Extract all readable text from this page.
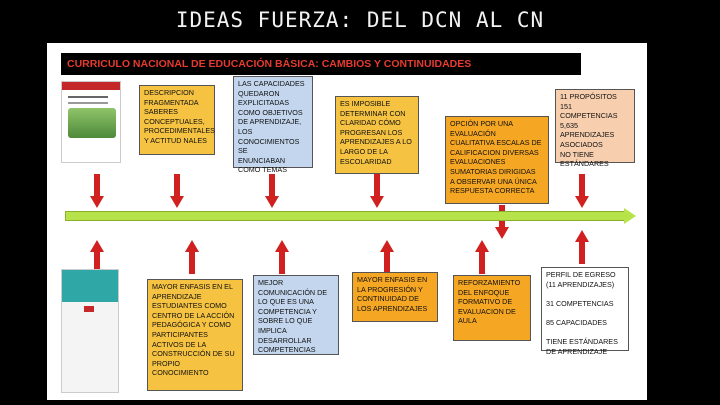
IDEAS FUERZA: DEL DCN AL CN
CURRICULO NACIONAL DE EDUCACIÓN BÁSICA: CAMBIOS Y CONTINUIDADES
DESCRIPCION
FRAGMENTADA
SABERES
CONCEPTUALES,
PROCEDIMENTALES
Y ACTITUD NALES
LAS CAPACIDADES
QUEDARON
EXPLICITADAS
COMO OBJETIVOS
DE APRENDIZAJE,
LOS
CONOCIMIENTOS SE
ENUNCIABAN
COMO TEMAS
ES IMPOSIBLE
DETERMINAR CON
CLARIDAD CÓMO
PROGRESAN LOS
APRENDIZAJES A LO
LARGO DE LA
ESCOLARIDAD
OPCIÓN POR UNA
EVALUACIÓN
CUALITATIVA ESCALAS DE
CALIFICACION DIVERSAS
EVALUACIONES
SUMATORIAS DIRIGIDAS
A OBSERVAR UNA ÚNICA
RESPUESTA CORRECTA
11 PROPÓSITOS
151 COMPETENCIAS
5,635
APRENDIZAJES
ASOCIADOS
NO TIENE
ESTÁNDARES
MAYOR ENFASIS EN EL
APRENDIZAJE
ESTUDIANTES COMO
CENTRO DE LA ACCIÓN
PEDAGÓGICA Y COMO
PARTICIPANTES
ACTIVOS DE LA
CONSTRUCCIÓN DE SU
PROPIO
CONOCIMIENTO
MEJOR
COMUNICACIÓN DE
LO QUE ES UNA
COMPETENCIA Y
SOBRE LO QUE
IMPLICA
DESARROLLAR
COMPETENCIAS
MAYOR ENFASIS EN
LA PROGRESIÓN Y
CONTINUIDAD DE
LOS APRENDIZAJES
REFORZAMIENTO
DEL ENFOQUE
FORMATIVO DE
EVALUACION DE
AULA
PERFIL DE EGRESO
(11 APRENDIZAJES)

31 COMPETENCIAS

85 CAPACIDADES

TIENE ESTÁNDARES
DE APRENDIZAJE
